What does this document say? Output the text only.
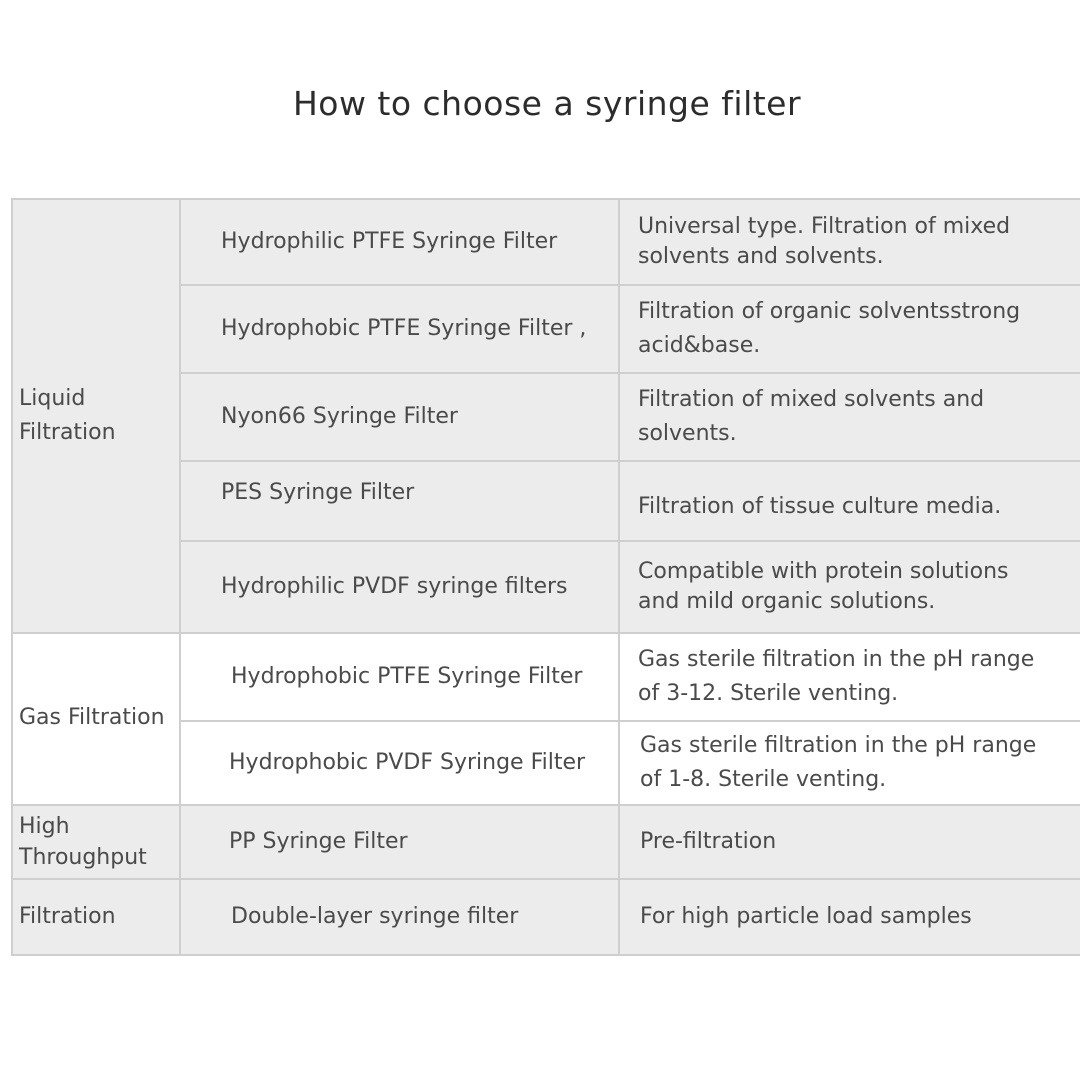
How to choose a syringe filter
Liquid
Filtration
Gas Filtration
High
Throughput
Filtration
Hydrophilic PTFE Syringe Filter
Universal type. Filtration of mixed solvents and solvents.
Hydrophobic PTFE Syringe Filter ,
Filtration of organic solventsstrong acid&base.
Nyon66 Syringe Filter
Filtration of mixed solvents and solvents.
PES Syringe Filter
Filtration of tissue culture media.
Hydrophilic PVDF syringe filters
Compatible with protein solutions and mild organic solutions.
Hydrophobic PTFE Syringe Filter
Gas sterile filtration in the pH range of 3-12. Sterile venting.
Hydrophobic PVDF Syringe Filter
Gas sterile filtration in the pH range of 1-8. Sterile venting.
PP Syringe Filter	Pre-filtration
Double-layer syringe filter	For high particle load samples
